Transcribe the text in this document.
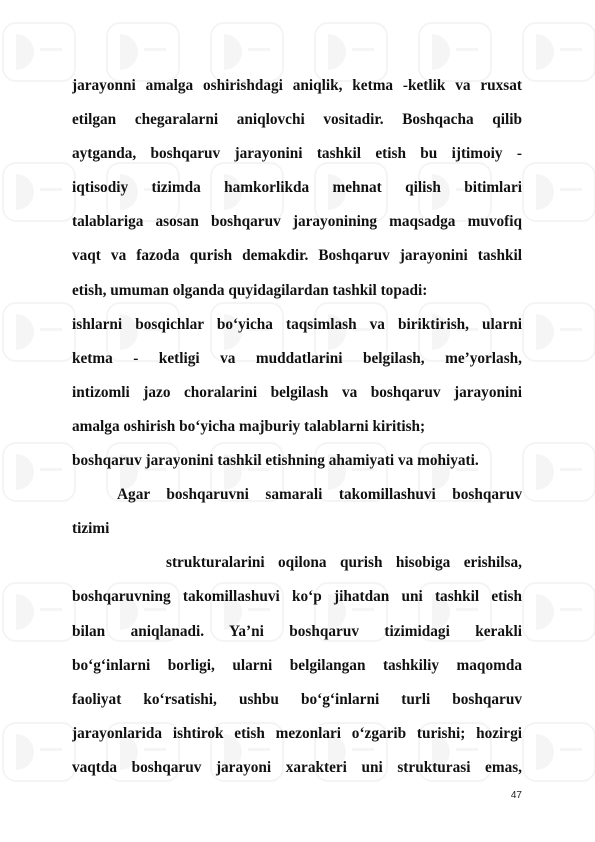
jarayonni amalga oshirishdagi aniqlik, ketma -ketlik va ruxsat
etilgan chegaralarni aniqlovchi vositadir. Boshqacha qilib
aytganda, boshqaruv jarayonini tashkil etish bu ijtimoiy -
iqtisodiy tizimda hamkorlikda mehnat qilish bitimlari
talablariga asosan boshqaruv jarayonining maqsadga muvofiq
vaqt va fazoda qurish demakdir. Boshqaruv jarayonini tashkil
etish, umuman olganda quyidagilardan tashkil topadi:
ishlarni bosqichlar bo‘yicha taqsimlash va biriktirish, ularni
ketma - ketligi va muddatlarini belgilash, me’yorlash,
intizomli jazo choralarini belgilash va boshqaruv jarayonini
amalga oshirish bo‘yicha majburiy talablarni kiritish;
boshqaruv jarayonini tashkil etishning ahamiyati va mohiyati.
Agar boshqaruvni samarali takomillashuvi boshqaruv
tizimi
strukturalarini oqilona qurish hisobiga erishilsa,
boshqaruvning takomillashuvi ko‘p jihatdan uni tashkil etish
bilan aniqlanadi. Ya’ni boshqaruv tizimidagi kerakli
bo‘g‘inlarni borligi, ularni belgilangan tashkiliy maqomda
faoliyat ko‘rsatishi, ushbu bo‘g‘inlarni turli boshqaruv
jarayonlarida ishtirok etish mezonlari o‘zgarib turishi; hozirgi
vaqtda boshqaruv jarayoni xarakteri uni strukturasi emas,
47
